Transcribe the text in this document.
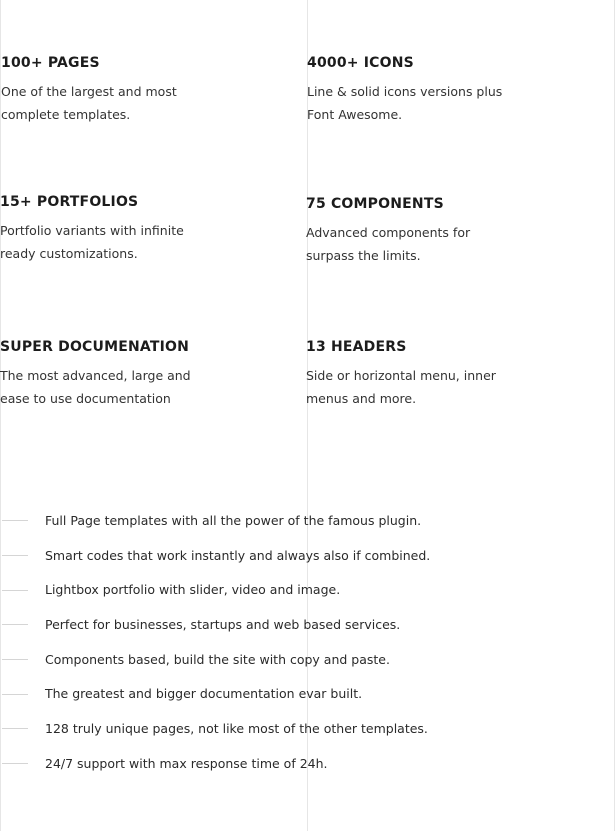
100+ PAGES

One of the largest and most complete templates.

4000+ ICONS

Line & solid icons versions plus Font Awesome.

15+ PORTFOLIOS

Portfolio variants with infinite ready customizations.

75 COMPONENTS

Advanced components for surpass the limits.

SUPER DOCUMENATION

The most advanced, large and ease to use documentation

13 HEADERS

Side or horizontal menu, inner menus and more.

Full Page templates with all the power of the famous plugin.
Smart codes that work instantly and always also if combined.
Lightbox portfolio with slider, video and image.
Perfect for businesses, startups and web based services.
Components based, build the site with copy and paste.
The greatest and bigger documentation evar built.
128 truly unique pages, not like most of the other templates.
24/7 support with max response time of 24h.
